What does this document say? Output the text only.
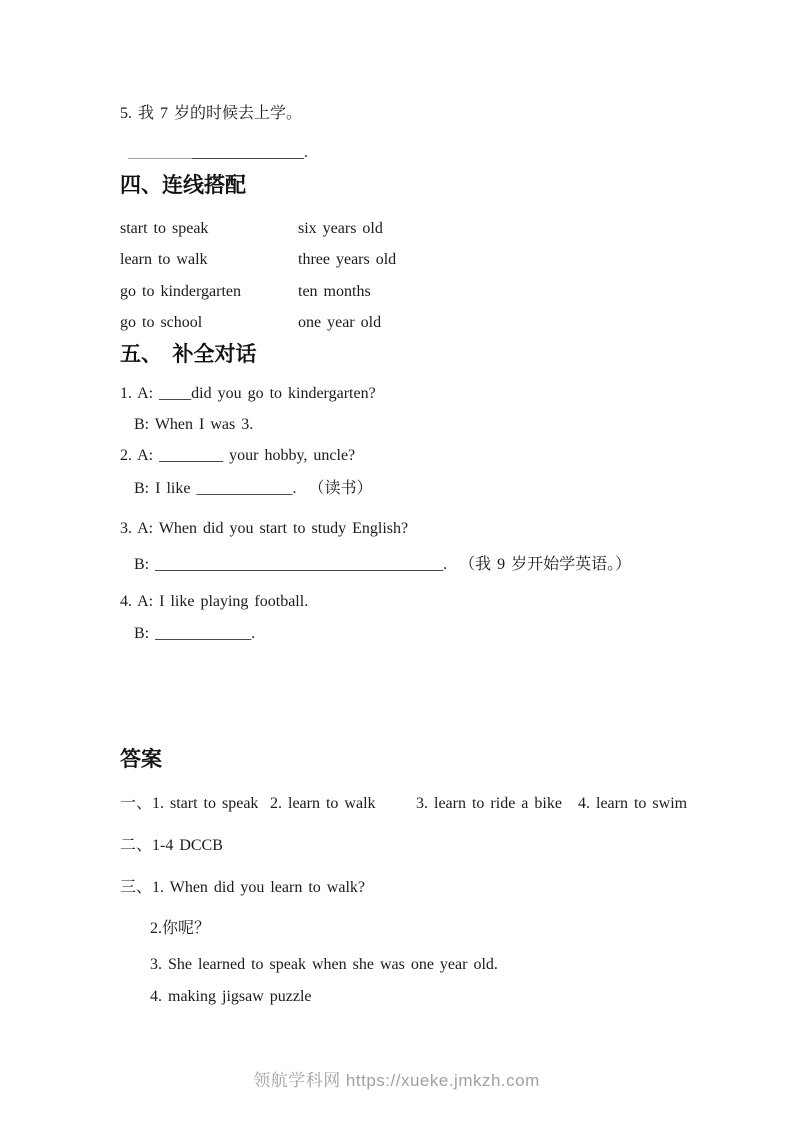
5. 我 7 岁的时候去上学。
______________________.
四、连线搭配
start to speak	six years old
learn to walk	three years old
go to kindergarten	ten months
go to school	one year old
五、　补全对话
1. A: ____did you go to kindergarten?
B: When I was 3.
2. A: ________ your hobby, uncle?
B: I like ____________.  （读书）
3. A: When did you start to study English?
B: ____________________________________.  （我 9 岁开始学英语。）
4. A: I like playing football.
B: ____________.
答案
一、 1. start to speak 2. learn to walk	3. learn to ride a bike	4. learn to swim
二、 1-4 DCCB
三、 1. When did you learn to walk?
2.你呢？
3. She learned to speak when she was one year old.
4. making jigsaw puzzle
领航学科网 https://xueke.jmkzh.com
